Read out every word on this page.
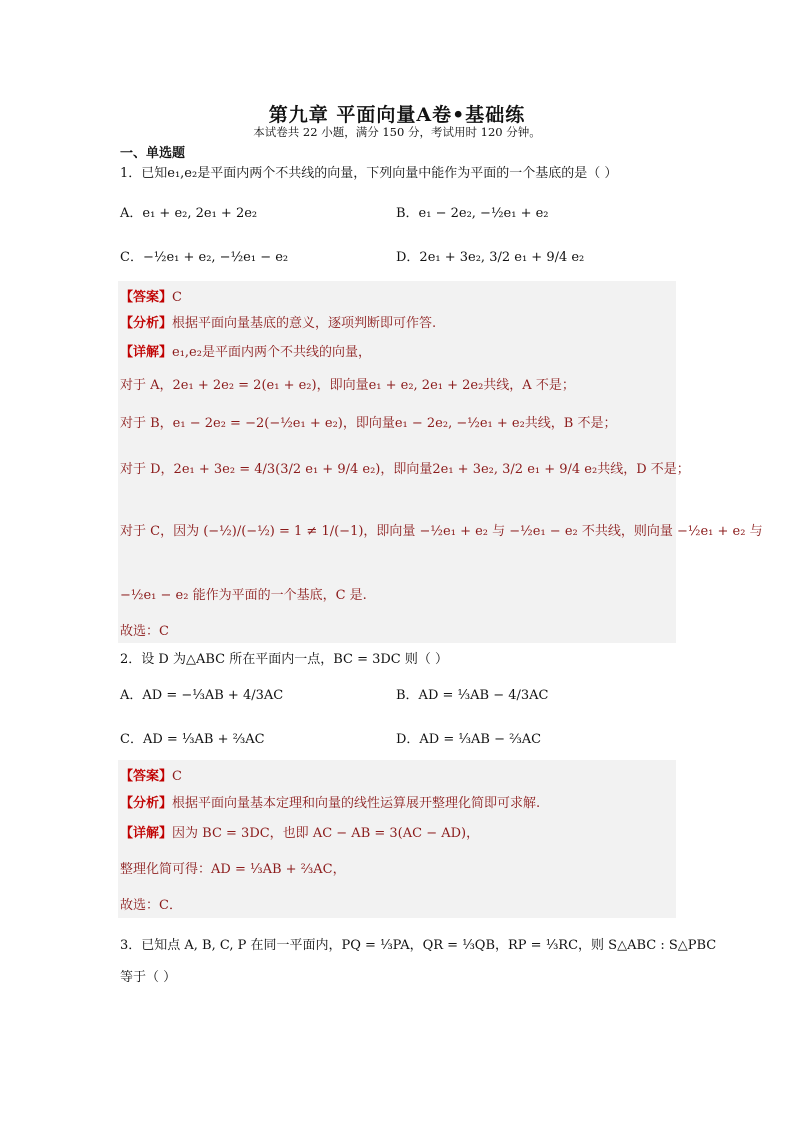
第九章 平面向量A卷•基础练
本试卷共 22 小题，满分 150 分，考试用时 120 分钟。
一、单选题
1．已知e₁,e₂是平面内两个不共线的向量，下列向量中能作为平面的一个基底的是（ ）
A．e₁ + e₂, 2e₁ + 2e₂	B．e₁ − 2e₂, −½e₁ + e₂
C．−½e₁ + e₂, −½e₁ − e₂	D．2e₁ + 3e₂, 3/2 e₁ + 9/4 e₂
【答案】C
【分析】根据平面向量基底的意义，逐项判断即可作答.
【详解】e₁,e₂是平面内两个不共线的向量，
对于 A，2e₁ + 2e₂ = 2(e₁ + e₂)，即向量e₁ + e₂, 2e₁ + 2e₂共线，A 不是；
对于 B，e₁ − 2e₂ = −2(−½e₁ + e₂)，即向量e₁ − 2e₂, −½e₁ + e₂共线，B 不是；
对于 D，2e₁ + 3e₂ = 4/3(3/2 e₁ + 9/4 e₂)，即向量2e₁ + 3e₂, 3/2 e₁ + 9/4 e₂共线，D 不是；
对于 C，因为 (−½)/(−½) = 1 ≠ 1/(−1)，即向量 −½e₁ + e₂ 与 −½e₁ − e₂ 不共线，则向量 −½e₁ + e₂ 与
−½e₁ − e₂ 能作为平面的一个基底，C 是.
故选：C
2．设 D 为△ABC 所在平面内一点，BC = 3DC 则（ ）
A．AD = −⅓AB + 4/3AC	B．AD = ⅓AB − 4/3AC
C．AD = ⅓AB + ⅔AC	D．AD = ⅓AB − ⅔AC
【答案】C
【分析】根据平面向量基本定理和向量的线性运算展开整理化简即可求解.
【详解】因为 BC = 3DC，也即 AC − AB = 3(AC − AD)，
整理化简可得：AD = ⅓AB + ⅔AC，
故选：C．
3．已知点 A, B, C, P 在同一平面内，PQ = ⅓PA，QR = ⅓QB，RP = ⅓RC，则 S△ABC : S△PBC
等于（ ）
